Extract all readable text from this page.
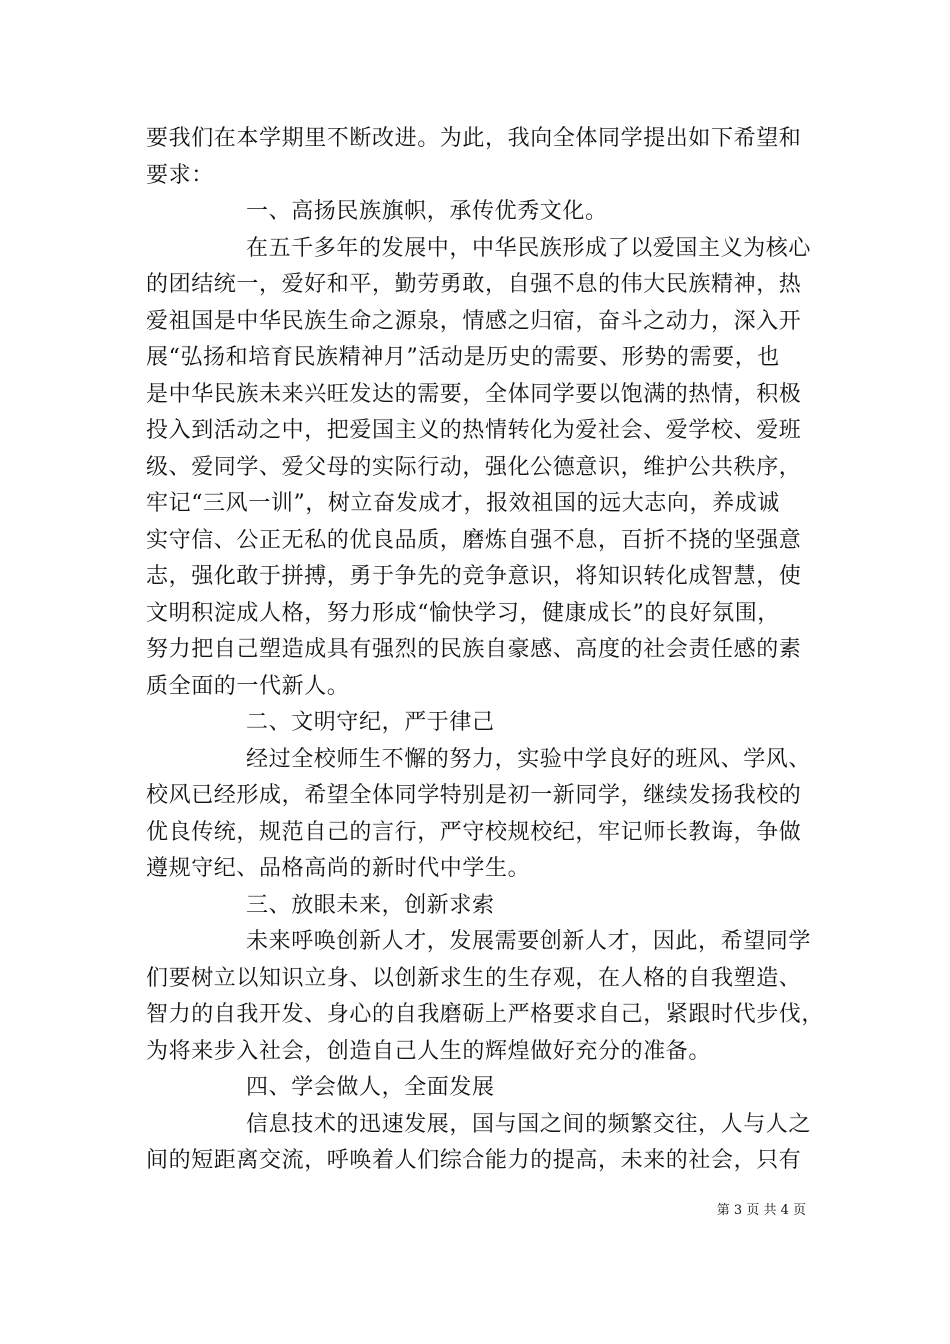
要我们在本学期里不断改进。为此，我向全体同学提出如下希望和
要求：
一、高扬民族旗帜，承传优秀文化。
在五千多年的发展中，中华民族形成了以爱国主义为核心
的团结统一，爱好和平，勤劳勇敢，自强不息的伟大民族精神，热
爱祖国是中华民族生命之源泉，情感之归宿，奋斗之动力，深入开
展“弘扬和培育民族精神月”活动是历史的需要、形势的需要，也
是中华民族未来兴旺发达的需要，全体同学要以饱满的热情，积极
投入到活动之中，把爱国主义的热情转化为爱社会、爱学校、爱班
级、爱同学、爱父母的实际行动，强化公德意识，维护公共秩序，
牢记“三风一训”，树立奋发成才，报效祖国的远大志向，养成诚
实守信、公正无私的优良品质，磨炼自强不息，百折不挠的坚强意
志，强化敢于拼搏，勇于争先的竞争意识，将知识转化成智慧，使
文明积淀成人格，努力形成“愉快学习，健康成长”的良好氛围，
努力把自己塑造成具有强烈的民族自豪感、高度的社会责任感的素
质全面的一代新人。
二、文明守纪，严于律己
经过全校师生不懈的努力，实验中学良好的班风、学风、
校风已经形成，希望全体同学特别是初一新同学，继续发扬我校的
优良传统，规范自己的言行，严守校规校纪，牢记师长教诲，争做
遵规守纪、品格高尚的新时代中学生。
三、放眼未来，创新求索
未来呼唤创新人才，发展需要创新人才，因此，希望同学
们要树立以知识立身、以创新求生的生存观，在人格的自我塑造、
智力的自我开发、身心的自我磨砺上严格要求自己，紧跟时代步伐，
为将来步入社会，创造自己人生的辉煌做好充分的准备。
四、学会做人，全面发展
信息技术的迅速发展，国与国之间的频繁交往，人与人之
间的短距离交流，呼唤着人们综合能力的提高，未来的社会，只有
第 3 页 共 4 页
